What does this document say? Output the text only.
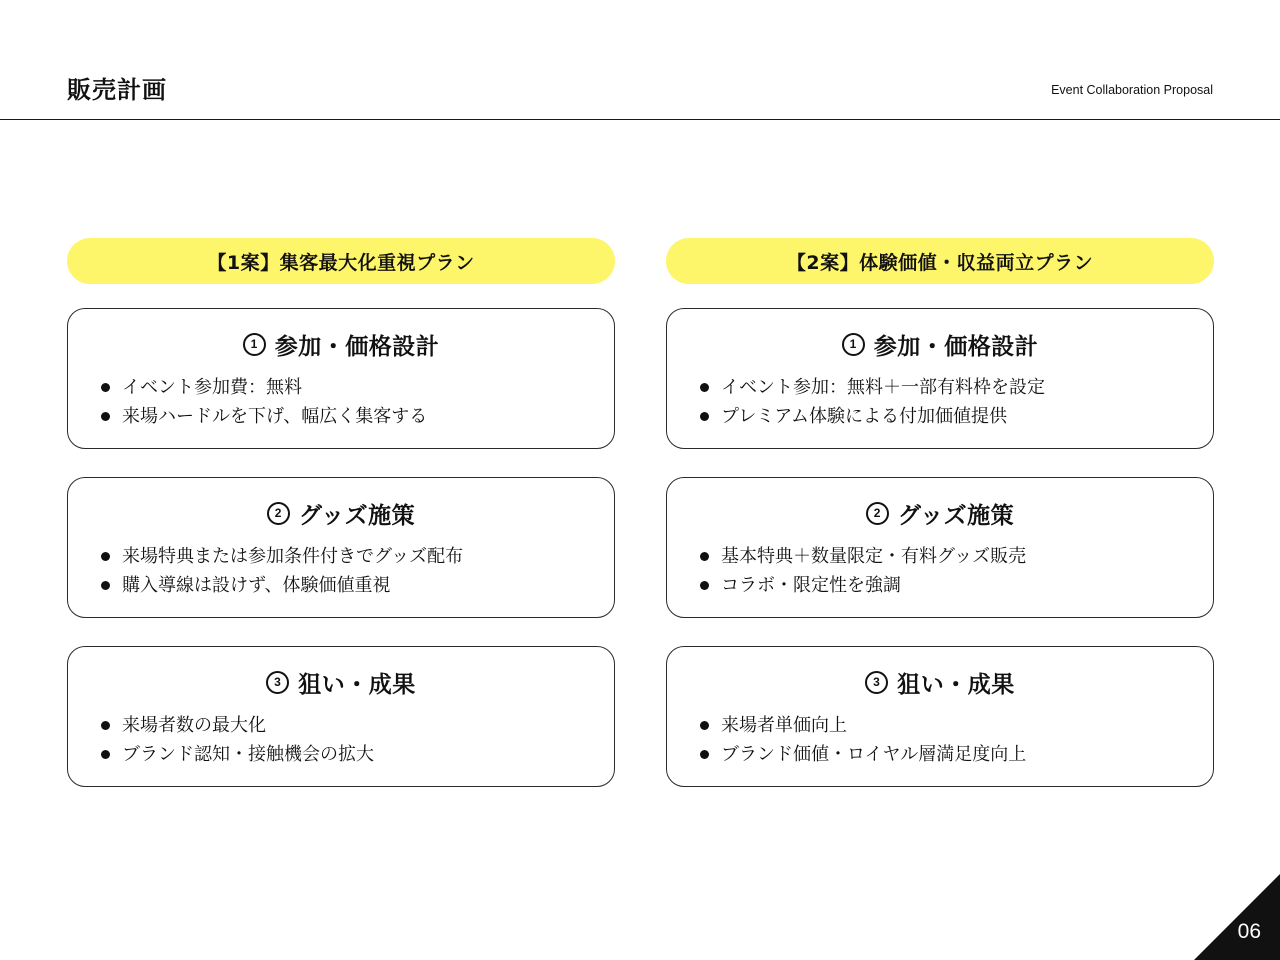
販売計画	Event Collaboration Proposal
【1案】集客最大化重視プラン
1 参加・価格設計
イベント参加費：無料
来場ハードルを下げ、幅広く集客する
2 グッズ施策
来場特典または参加条件付きでグッズ配布
購入導線は設けず、体験価値重視
3 狙い・成果
来場者数の最大化
ブランド認知・接触機会の拡大
【2案】体験価値・収益両立プラン
1 参加・価格設計
イベント参加：無料＋一部有料枠を設定
プレミアム体験による付加価値提供
2 グッズ施策
基本特典＋数量限定・有料グッズ販売
コラボ・限定性を強調
3 狙い・成果
来場者単価向上
ブランド価値・ロイヤル層満足度向上
06
